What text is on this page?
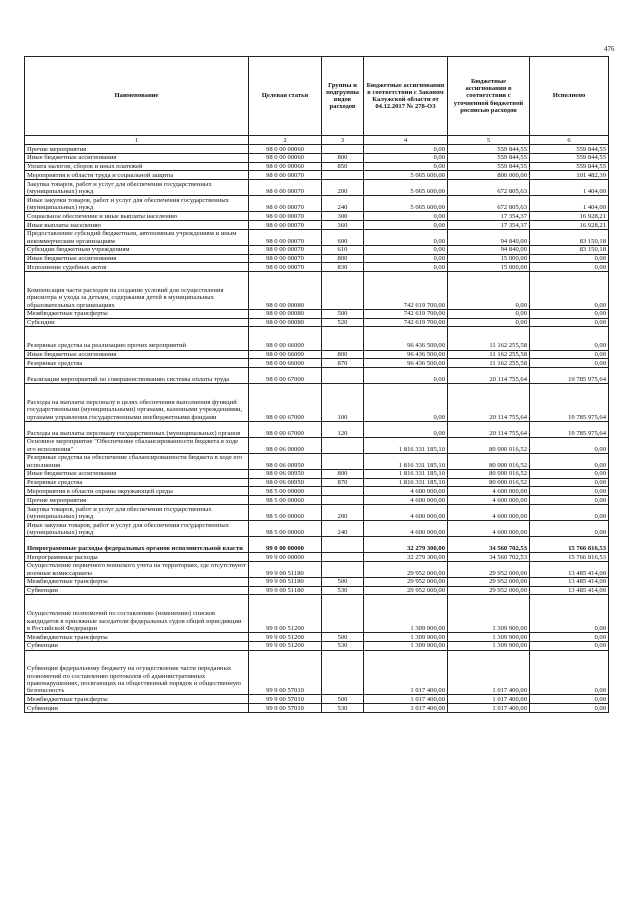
476
Наименование	Целевая статья	Группы и подгруппы видов расходов	Бюджетные ассигнования в соответствии с Законом Калужской области от 04.12.2017 № 278-ОЗ	Бюджетные ассигнования в соответствии с уточненной бюджетной росписью расходов	Исполнено
1	2	3	4	5	6
Прочие мероприятия	98 0 00 00060		0,00	559 844,55	559 844,55
Иные бюджетные ассигнования	98 0 00 00060	800	0,00	559 844,55	559 844,55
Уплата налогов, сборов и иных платежей	98 0 00 00060	850	0,00	559 844,55	559 844,55
Мероприятия в области труда и социальной защиты	98 0 00 00070		5 065 600,00	800 000,00	101 482,39
Закупка товаров, работ и услуг для обеспечения государственных (муниципальных) нужд	98 0 00 00070	200	5 065 600,00	672 805,63	1 404,00
Иные закупки товаров, работ и услуг для обеспечения государственных (муниципальных) нужд	98 0 00 00070	240	5 065 600,00	672 805,63	1 404,00
Социальное обеспечение и иные выплаты населению	98 0 00 00070	300	0,00	17 354,37	16 928,21
Иные выплаты населению	98 0 00 00070	360	0,00	17 354,37	16 928,21
Предоставление субсидий бюджетным, автономным учреждениям и иным некоммерческим организациям	98 0 00 00070	600	0,00	94 840,00	83 150,18
Субсидии бюджетным учреждениям	98 0 00 00070	610	0,00	94 840,00	83 150,18
Иные бюджетные ассигнования	98 0 00 00070	800	0,00	15 000,00	0,00
Исполнение судебных актов	98 0 00 00070	830	0,00	15 000,00	0,00
Компенсация части расходов на создание условий для осуществления присмотра и ухода за детьми, содержания детей в муниципальных образовательных организациях	98 0 00 00080		742 619 700,00	0,00	0,00
Межбюджетные трансферты	98 0 00 00080	500	742 619 700,00	0,00	0,00
Субсидии	98 0 00 00080	520	742 619 700,00	0,00	0,00
Резервные средства на реализацию прочих мероприятий	98 0 00 66000		96 436 500,00	11 162 255,58	0,00
Иные бюджетные ассигнования	98 0 00 66000	800	96 436 500,00	11 162 255,58	0,00
Резервные средства	98 0 00 66000	870	96 436 500,00	11 162 255,58	0,00
Реализация мероприятий по совершенствованию системы оплаты труда	98 0 00 67000		0,00	20 114 755,64	19 785 975,64
Расходы на выплаты персоналу в целях обеспечения выполнения функций государственными (муниципальными) органами, казенными учреждениями, органами управления государственными внебюджетными фондами	98 0 00 67000	100	0,00	20 114 755,64	19 785 975,64
Расходы на выплаты персоналу государственных (муниципальных) органов	98 0 00 67000	120	0,00	20 114 755,64	19 785 975,64
Основное мероприятие "Обеспечение сбалансированности бюджета в ходе его исполнения"	98 0 06 00000		1 816 331 185,10	80 000 016,52	0,00
Резервные средства на обеспечение сбалансированности бюджета в ходе его исполнения	98 0 06 00950		1 816 331 185,10	80 000 016,52	0,00
Иные бюджетные ассигнования	98 0 06 00950	800	1 816 331 185,10	80 000 016,52	0,00
Резервные средства	98 0 06 00950	870	1 816 331 185,10	80 000 016,52	0,00
Мероприятия в области охраны окружающей среды	98 5 00 00000		4 600 000,00	4 600 000,00	0,00
Прочие мероприятия	98 5 00 00060		4 600 000,00	4 600 000,00	0,00
Закупка товаров, работ и услуг для обеспечения государственных (муниципальных) нужд	98 5 00 00060	200	4 600 000,00	4 600 000,00	0,00
Иные закупки товаров, работ и услуг для обеспечения государственных (муниципальных) нужд	98 5 00 00060	240	4 600 000,00	4 600 000,00	0,00
Непрограммные расходы федеральных органов исполнительной власти	99 0 00 00000		32 279 300,00	34 560 702,53	15 766 816,53
Непрограммные расходы	99 9 00 00000		32 279 300,00	34 560 702,53	15 766 816,53
Осуществление первичного воинского учета на территориях, где отсутствуют военные комиссариаты	99 9 00 51180		29 952 000,00	29 952 000,00	13 485 414,00
Межбюджетные трансферты	99 9 00 51180	500	29 952 000,00	29 952 000,00	13 485 414,00
Субвенции	99 9 00 51180	530	29 952 000,00	29 952 000,00	13 485 414,00
Осуществление полномочий по составлению (изменению) списков кандидатов в присяжные заседатели федеральных судов общей юрисдикции в Российской Федерации	99 9 00 51200		1 309 900,00	1 309 900,00	0,00
Межбюджетные трансферты	99 9 00 51200	500	1 309 900,00	1 309 900,00	0,00
Субвенции	99 9 00 51200	530	1 309 900,00	1 309 900,00	0,00
Субвенции федеральному бюджету на осуществление части переданных полномочий по составлению протоколов об административных правонарушениях, посягающих на общественный порядок и общественную безопасность	99 9 00 57010		1 017 400,00	1 017 400,00	0,00
Межбюджетные трансферты	99 9 00 57010	500	1 017 400,00	1 017 400,00	0,00
Субвенции	99 9 00 57010	530	1 017 400,00	1 017 400,00	0,00
